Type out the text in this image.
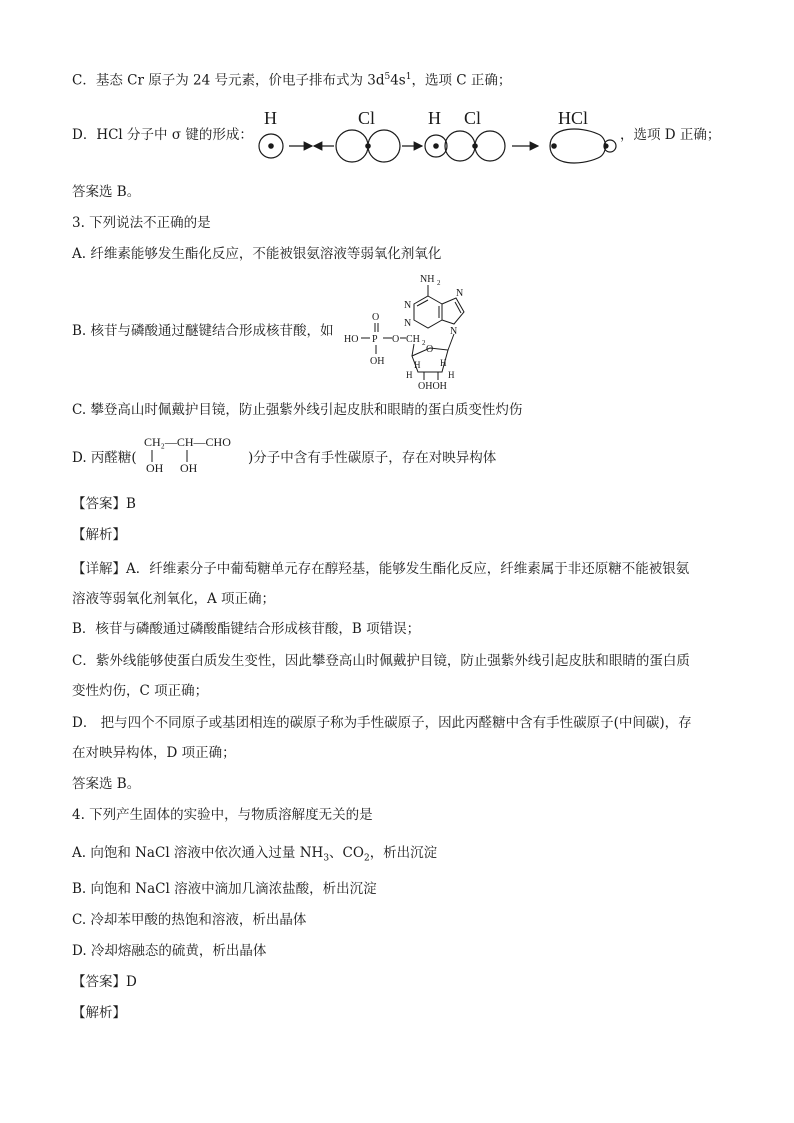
C．基态 Cr 原子为 24 号元素，价电子排布式为 $3d^54s^1$，选项 C 正确；
D．HCl 分子中 σ 键的形成：
H	Cl	H Cl	HCl
，选项 D 正确；
答案选 B。
3. 下列说法不正确的是
A. 纤维素能够发生酯化反应，不能被银氨溶液等弱氧化剂氧化
B. 核苷与磷酸通过醚键结合形成核苷酸，如
NH 2
N
N
N
N
O
P
HO
OH
O CH 2
O
H H
H	H
OHOH
C. 攀登高山时佩戴护目镜，防止强紫外线引起皮肤和眼睛的蛋白质变性灼伤
D. 丙醛糖(
CH₂—CH—CHO
OH OH
)分子中含有手性碳原子，存在对映异构体
【答案】B
【解析】
【详解】A．纤维素分子中葡萄糖单元存在醇羟基，能够发生酯化反应，纤维素属于非还原糖不能被银氨
溶液等弱氧化剂氧化，A 项正确；
B．核苷与磷酸通过磷酸酯键结合形成核苷酸，B 项错误；
C．紫外线能够使蛋白质发生变性，因此攀登高山时佩戴护目镜，防止强紫外线引起皮肤和眼睛的蛋白质
变性灼伤，C 项正确；
D． 把与四个不同原子或基团相连的碳原子称为手性碳原子，因此丙醛糖中含有手性碳原子(中间碳)，存
在对映异构体，D 项正确；
答案选 B。
4. 下列产生固体的实验中，与物质溶解度无关的是
A. 向饱和 NaCl 溶液中依次通入过量 $NH_3$、$CO_2$，析出沉淀
B. 向饱和 NaCl 溶液中滴加几滴浓盐酸，析出沉淀
C. 冷却苯甲酸的热饱和溶液，析出晶体
D. 冷却熔融态的硫黄，析出晶体
【答案】D
【解析】
